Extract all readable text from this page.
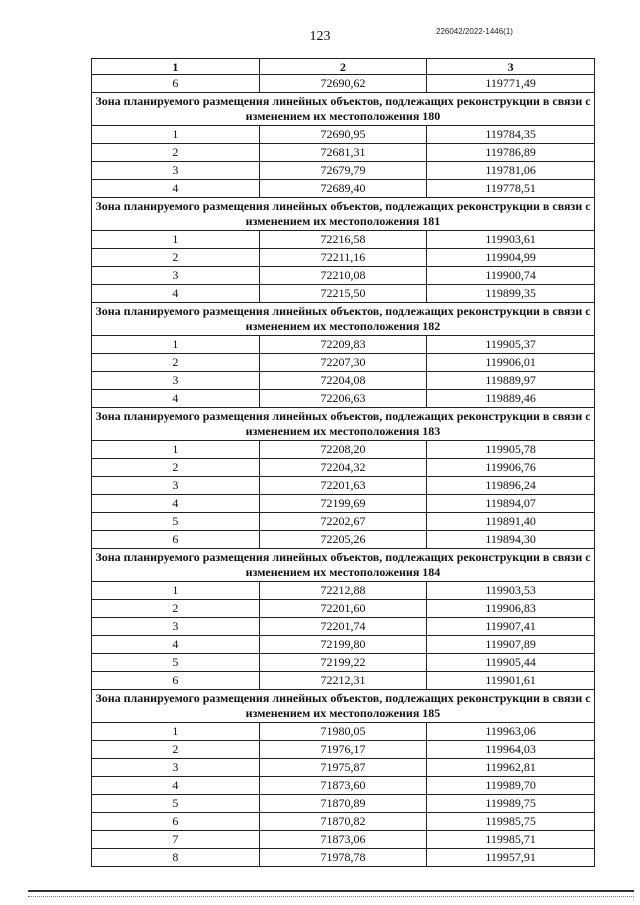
123	226042/2022-1446(1)
1	2	3
6	72690,62	119771,49
Зона планируемого размещения линейных объектов, подлежащих реконструкции в связи с изменением их местоположения 180		
1	72690,95	119784,35
2	72681,31	119786,89
3	72679,79	119781,06
4	72689,40	119778,51
Зона планируемого размещения линейных объектов, подлежащих реконструкции в связи с изменением их местоположения 181		
1	72216,58	119903,61
2	72211,16	119904,99
3	72210,08	119900,74
4	72215,50	119899,35
Зона планируемого размещения линейных объектов, подлежащих реконструкции в связи с изменением их местоположения 182		
1	72209,83	119905,37
2	72207,30	119906,01
3	72204,08	119889,97
4	72206,63	119889,46
Зона планируемого размещения линейных объектов, подлежащих реконструкции в связи с изменением их местоположения 183		
1	72208,20	119905,78
2	72204,32	119906,76
3	72201,63	119896,24
4	72199,69	119894,07
5	72202,67	119891,40
6	72205,26	119894,30
Зона планируемого размещения линейных объектов, подлежащих реконструкции в связи с изменением их местоположения 184		
1	72212,88	119903,53
2	72201,60	119906,83
3	72201,74	119907,41
4	72199,80	119907,89
5	72199,22	119905,44
6	72212,31	119901,61
Зона планируемого размещения линейных объектов, подлежащих реконструкции в связи с изменением их местоположения 185		
1	71980,05	119963,06
2	71976,17	119964,03
3	71975,87	119962,81
4	71873,60	119989,70
5	71870,89	119989,75
6	71870,82	119985,75
7	71873,06	119985,71
8	71978,78	119957,91
